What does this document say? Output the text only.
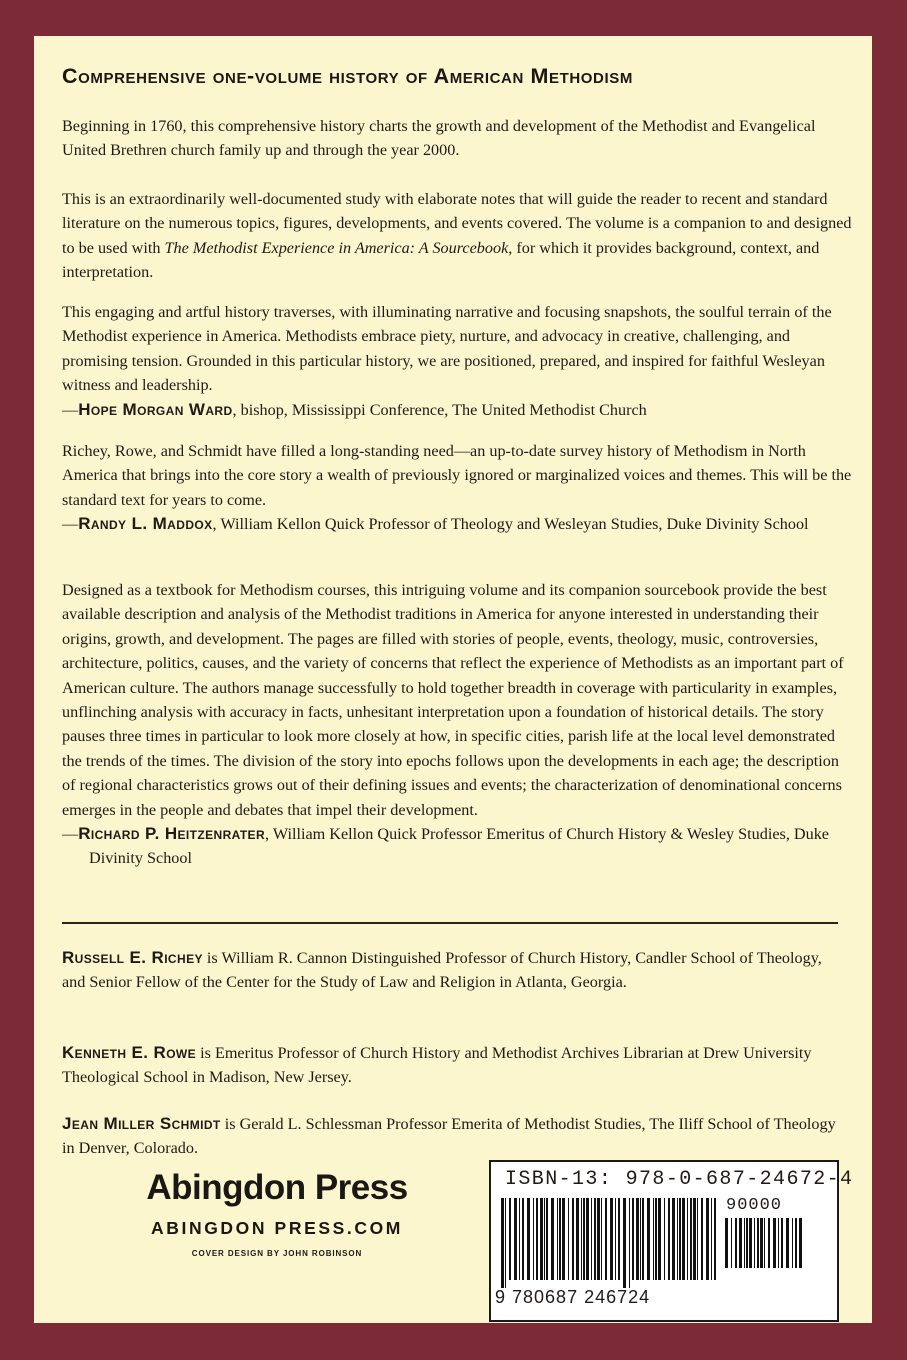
Comprehensive one-volume history of American Methodism

Beginning in 1760, this comprehensive history charts the growth and development of the Methodist and Evangelical United Brethren church family up and through the year 2000.

This is an extraordinarily well-documented study with elaborate notes that will guide the reader to recent and standard literature on the numerous topics, figures, developments, and events covered. The volume is a companion to and designed to be used with The Methodist Experience in America: A Sourcebook, for which it provides background, context, and interpretation.

This engaging and artful history traverses, with illuminating narrative and focusing snapshots, the soulful terrain of the Methodist experience in America. Methodists embrace piety, nurture, and advocacy in creative, challenging, and promising tension. Grounded in this particular history, we are positioned, prepared, and inspired for faithful Wesleyan witness and leadership.

—Hope Morgan Ward, bishop, Mississippi Conference, The United Methodist Church

Richey, Rowe, and Schmidt have filled a long-standing need—an up-to-date survey history of Methodism in North America that brings into the core story a wealth of previously ignored or marginalized voices and themes. This will be the standard text for years to come.

—Randy L. Maddox, William Kellon Quick Professor of Theology and Wesleyan Studies, Duke Divinity School

Designed as a textbook for Methodism courses, this intriguing volume and its companion sourcebook provide the best available description and analysis of the Methodist traditions in America for anyone interested in understanding their origins, growth, and development. The pages are filled with stories of people, events, theology, music, controversies, architecture, politics, causes, and the variety of concerns that reflect the experience of Methodists as an important part of American culture. The authors manage successfully to hold together breadth in coverage with particularity in examples, unflinching analysis with accuracy in facts, unhesitant interpretation upon a foundation of historical details. The story pauses three times in particular to look more closely at how, in specific cities, parish life at the local level demonstrated the trends of the times. The division of the story into epochs follows upon the developments in each age; the description of regional characteristics grows out of their defining issues and events; the characterization of denominational concerns emerges in the people and debates that impel their development.

—Richard P. Heitzenrater, William Kellon Quick Professor Emeritus of Church History & Wesley Studies, Duke Divinity School

Russell E. Richey is William R. Cannon Distinguished Professor of Church History, Candler School of Theology, and Senior Fellow of the Center for the Study of Law and Religion in Atlanta, Georgia.

Kenneth E. Rowe is Emeritus Professor of Church History and Methodist Archives Librarian at Drew University Theological School in Madison, New Jersey.

Jean Miller Schmidt is Gerald L. Schlessman Professor Emerita of Methodist Studies, The Iliff School of Theology in Denver, Colorado.

Abingdon Press
ABINGDON PRESS.COM
COVER DESIGN BY JOHN ROBINSON
ISBN-13: 978-0-687-24672-4
90000
9 780687 246724
